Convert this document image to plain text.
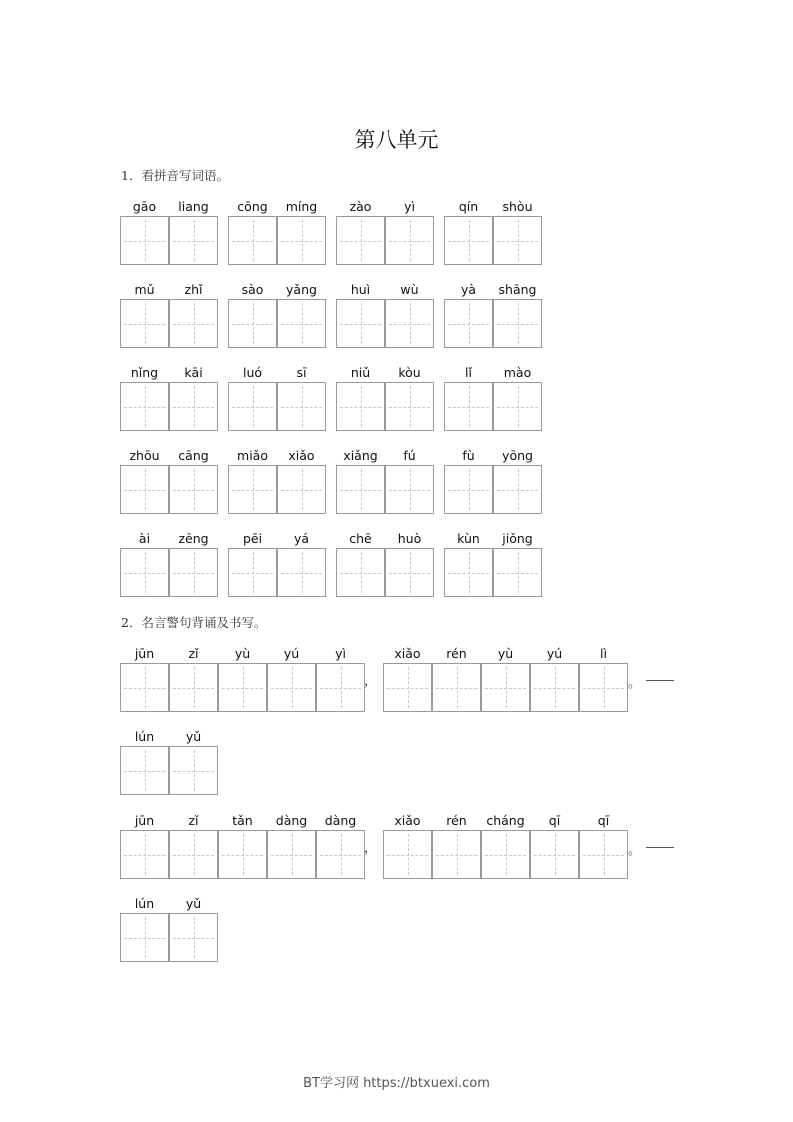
第八单元
1．看拼音写词语。
2．名言警句背诵及书写。
gāo	liang	cōng	míng	zào	yì	qín	shòu
mǔ	zhǐ	sào	yǎng	huì	wù	yà	shāng
nǐng	kāi	luó	sī	niǔ	kòu	lǐ	mào
zhōu	cāng	miǎo	xiǎo	xiǎng	fú	fù	yōng
ài	zēng	pēi	yá	chē	huò	kùn	jiǒng
jūn	zǐ	yù	yú	yì
，
xiǎo	rén	yù	yú	lì
。
lún	yǔ
jūn	zǐ	tǎn	dàng	dàng
，
xiǎo	rén	cháng	qī	qī
。
lún	yǔ
BT学习网 https://btxuexi.com
